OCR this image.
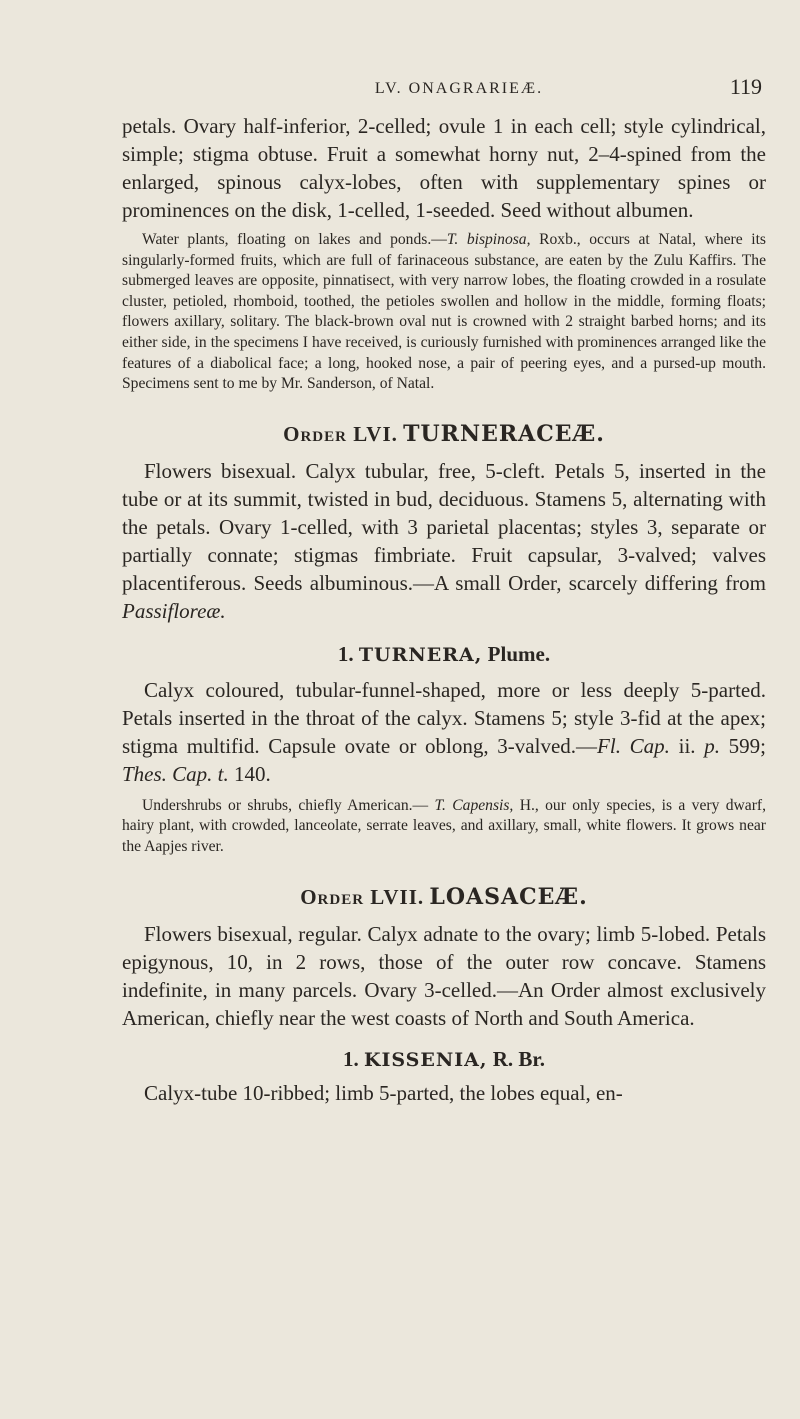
LV. ONAGRARIEÆ.	119

petals. Ovary half-inferior, 2-celled; ovule 1 in each cell; style cylindrical, simple; stigma obtuse. Fruit a somewhat horny nut, 2–4-spined from the enlarged, spinous calyx-lobes, often with supplementary spines or prominences on the disk, 1-celled, 1-seeded. Seed without albumen.

Water plants, floating on lakes and ponds.—T. bispinosa, Roxb., occurs at Natal, where its singularly-formed fruits, which are full of farinaceous substance, are eaten by the Zulu Kaffirs. The submerged leaves are opposite, pinnatisect, with very narrow lobes, the floating crowded in a rosulate cluster, petioled, rhomboid, toothed, the petioles swollen and hollow in the middle, forming floats; flowers axillary, solitary. The black-brown oval nut is crowned with 2 straight barbed horns; and its either side, in the specimens I have received, is curiously furnished with prominences arranged like the features of a diabolical face; a long, hooked nose, a pair of peering eyes, and a pursed-up mouth. Specimens sent to me by Mr. Sanderson, of Natal.

Order LVI. TURNERACEÆ.

Flowers bisexual. Calyx tubular, free, 5-cleft. Petals 5, inserted in the tube or at its summit, twisted in bud, deciduous. Stamens 5, alternating with the petals. Ovary 1-celled, with 3 parietal placentas; styles 3, separate or partially connate; stigmas fimbriate. Fruit capsular, 3-valved; valves placentiferous. Seeds albuminous.—A small Order, scarcely differing from Passifloreæ.

1. TURNERA, Plume.

Calyx coloured, tubular-funnel-shaped, more or less deeply 5-parted. Petals inserted in the throat of the calyx. Stamens 5; style 3-fid at the apex; stigma multifid. Capsule ovate or oblong, 3-valved.—Fl. Cap. ii. p. 599; Thes. Cap. t. 140.

Undershrubs or shrubs, chiefly American.— T. Capensis, H., our only species, is a very dwarf, hairy plant, with crowded, lanceolate, serrate leaves, and axillary, small, white flowers. It grows near the Aapjes river.

Order LVII. LOASACEÆ.

Flowers bisexual, regular. Calyx adnate to the ovary; limb 5-lobed. Petals epigynous, 10, in 2 rows, those of the outer row concave. Stamens indefinite, in many parcels. Ovary 3-celled.—An Order almost exclusively American, chiefly near the west coasts of North and South America.

1. KISSENIA, R. Br.

Calyx-tube 10-ribbed; limb 5-parted, the lobes equal, en-
